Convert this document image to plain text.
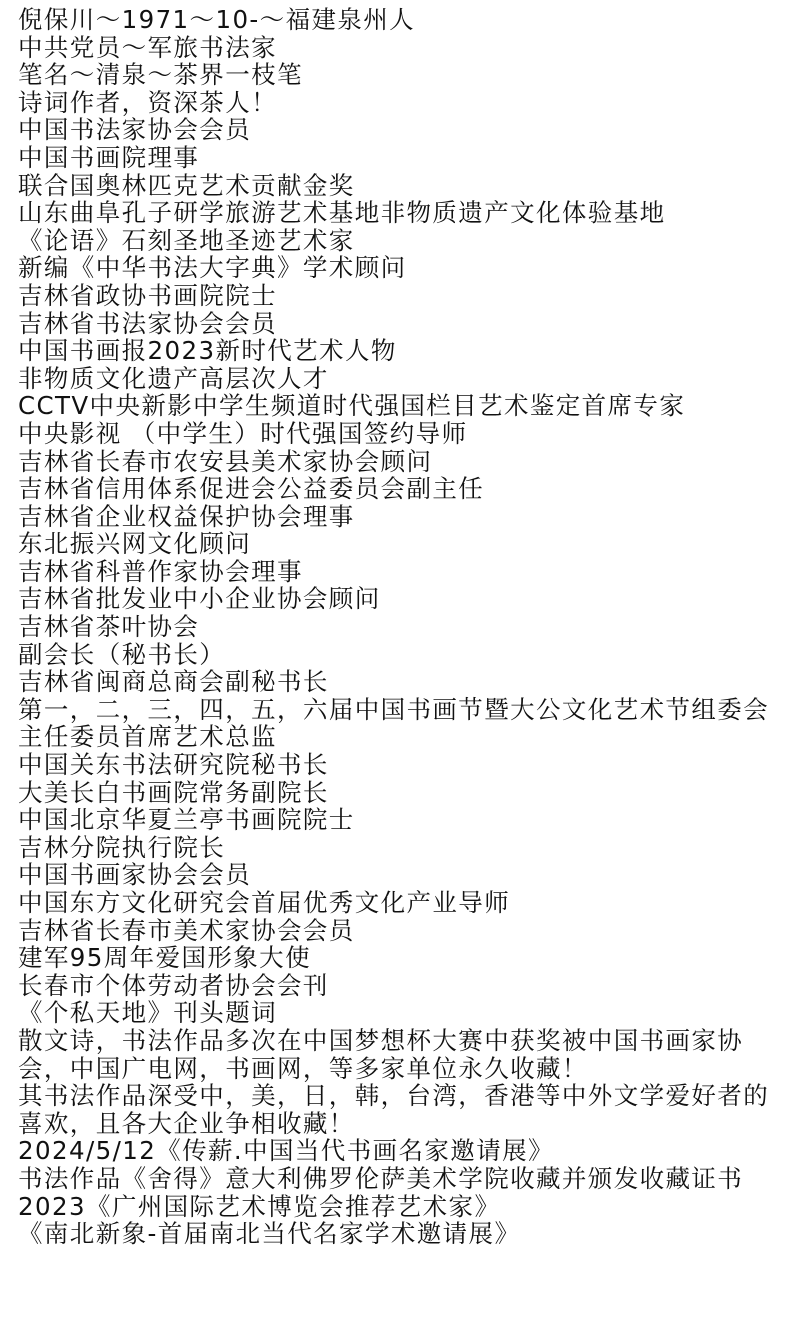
倪保川～1971～10-～福建泉州人
中共党员～军旅书法家
笔名～清泉～茶界一枝笔
诗词作者，资深茶人！
中国书法家协会会员
中国书画院理事
联合国奥林匹克艺术贡献金奖
山东曲阜孔子研学旅游艺术基地非物质遗产文化体验基地
《论语》石刻圣地圣迹艺术家
新编《中华书法大字典》学术顾问
吉林省政协书画院院士
吉林省书法家协会会员
中国书画报2023新时代艺术人物
非物质文化遗产高层次人才
CCTV中央新影中学生频道时代强国栏目艺术鉴定首席专家
中央影视 （中学生）时代强国签约导师
吉林省长春市农安县美术家协会顾问
吉林省信用体系促进会公益委员会副主任
吉林省企业权益保护协会理事
东北振兴网文化顾问
吉林省科普作家协会理事
吉林省批发业中小企业协会顾问
吉林省茶叶协会
副会长（秘书长）
吉林省闽商总商会副秘书长
第一，二，三，四，五，六届中国书画节暨大公文化艺术节组委会主任委员首席艺术总监
中国关东书法研究院秘书长
大美长白书画院常务副院长
中国北京华夏兰亭书画院院士
吉林分院执行院长
中国书画家协会会员
中国东方文化研究会首届优秀文化产业导师
吉林省长春市美术家协会会员
建军95周年爱国形象大使
长春市个体劳动者协会会刊
《个私天地》刊头题词
散文诗，书法作品多次在中国梦想杯大赛中获奖被中国书画家协会，中国广电网，书画网，等多家单位永久收藏！
其书法作品深受中，美，日，韩，台湾，香港等中外文学爱好者的喜欢，且各大企业争相收藏！
2024/5/12《传薪.中国当代书画名家邀请展》
书法作品《舍得》意大利佛罗伦萨美术学院收藏并颁发收藏证书
2023《广州国际艺术博览会推荐艺术家》
《南北新象-首届南北当代名家学术邀请展》
